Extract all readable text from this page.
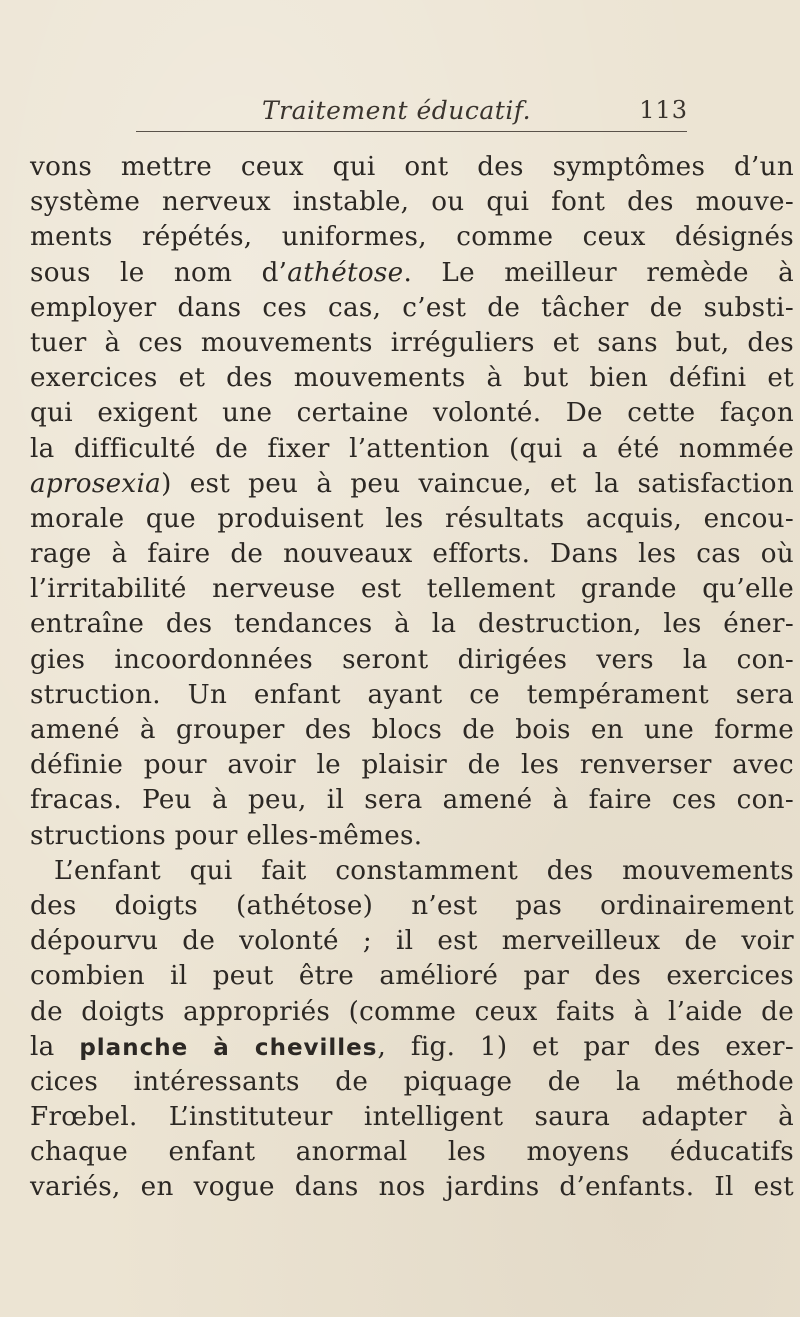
Traitement éducatif.	113
vons mettre ceux qui ont des symptômes d’un
système nerveux instable, ou qui font des mouve-
ments répétés, uniformes, comme ceux désignés
sous le nom d’athétose. Le meilleur remède à
employer dans ces cas, c’est de tâcher de substi-
tuer à ces mouvements irréguliers et sans but, des
exercices et des mouvements à but bien défini et
qui exigent une certaine volonté. De cette façon
la difficulté de fixer l’attention (qui a été nommée
aprosexia) est peu à peu vaincue, et la satisfaction
morale que produisent les résultats acquis, encou-
rage à faire de nouveaux efforts. Dans les cas où
l’irritabilité nerveuse est tellement grande qu’elle
entraîne des tendances à la destruction, les éner-
gies incoordonnées seront dirigées vers la con-
struction. Un enfant ayant ce tempérament sera
amené à grouper des blocs de bois en une forme
définie pour avoir le plaisir de les renverser avec
fracas. Peu à peu, il sera amené à faire ces con-
structions pour elles-mêmes.
L’enfant qui fait constamment des mouvements
des doigts (athétose) n’est pas ordinairement
dépourvu de volonté ; il est merveilleux de voir
combien il peut être amélioré par des exercices
de doigts appropriés (comme ceux faits à l’aide de
la planche à chevilles, fig. 1) et par des exer-
cices intéressants de piquage de la méthode
Frœbel. L’instituteur intelligent saura adapter à
chaque enfant anormal les moyens éducatifs
variés, en vogue dans nos jardins d’enfants. Il est
